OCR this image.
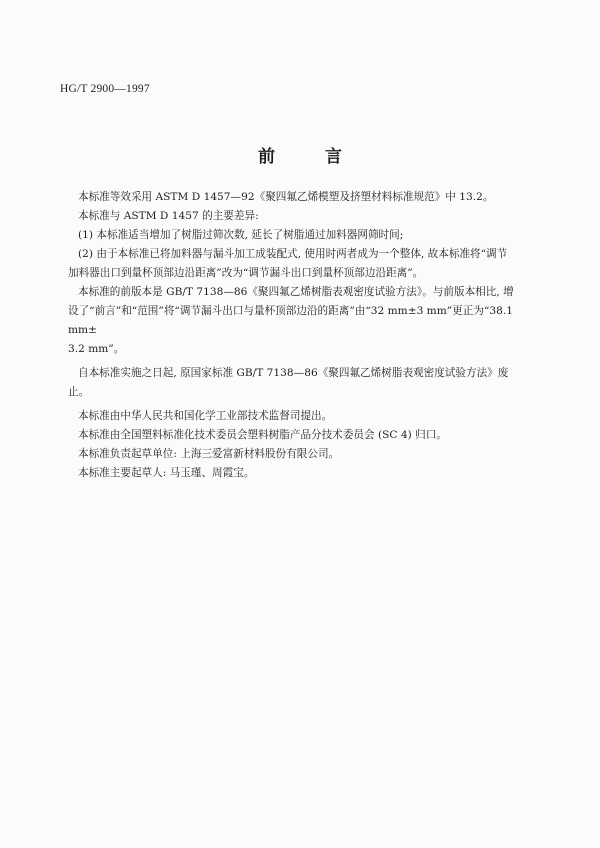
HG/T 2900—1997
前 言

本标准等效采用 ASTM D 1457—92《聚四氟乙烯模塑及挤塑材料标准规范》中 13.2。

本标准与 ASTM D 1457 的主要差异:

(1) 本标准适当增加了树脂过筛次数, 延长了树脂通过加料器网筛时间;

(2) 由于本标准已将加料器与漏斗加工成装配式, 使用时两者成为一个整体, 故本标准将“调节

加料器出口到量杯顶部边沿距离”改为“调节漏斗出口到量杯顶部边沿距离”。

本标准的前版本是 GB/T 7138—86《聚四氟乙烯树脂表观密度试验方法》。与前版本相比, 增

设了“前言”和“范围”将“调节漏斗出口与量杯顶部边沿的距离”由“32 mm±3 mm”更正为“38.1 mm±

3.2 mm”。

自本标准实施之日起, 原国家标准 GB/T 7138—86《聚四氟乙烯树脂表观密度试验方法》废

止。

本标准由中华人民共和国化学工业部技术监督司提出。

本标准由全国塑料标准化技术委员会塑料树脂产品分技术委员会 (SC 4) 归口。

本标准负责起草单位: 上海三爱富新材料股份有限公司。

本标准主要起草人: 马玉瑾、周霞宝。
